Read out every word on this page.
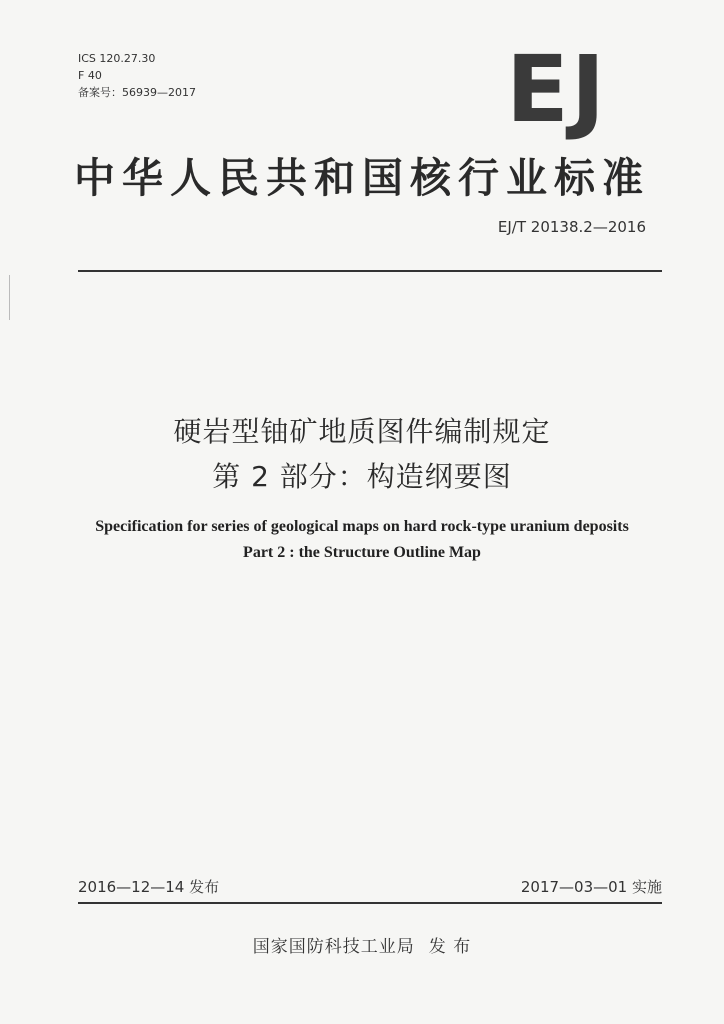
ICS 120.27.30
F 40
备案号：56939—2017	EJ
中华人民共和国核行业标准
EJ/T 20138.2—2016
硬岩型铀矿地质图件编制规定
第 2 部分：构造纲要图
Specification for series of geological maps on hard rock-type uranium deposits
Part 2 : the Structure Outline Map
2016—12—14 发布	2017—03—01 实施
国家国防科技工业局 发 布
